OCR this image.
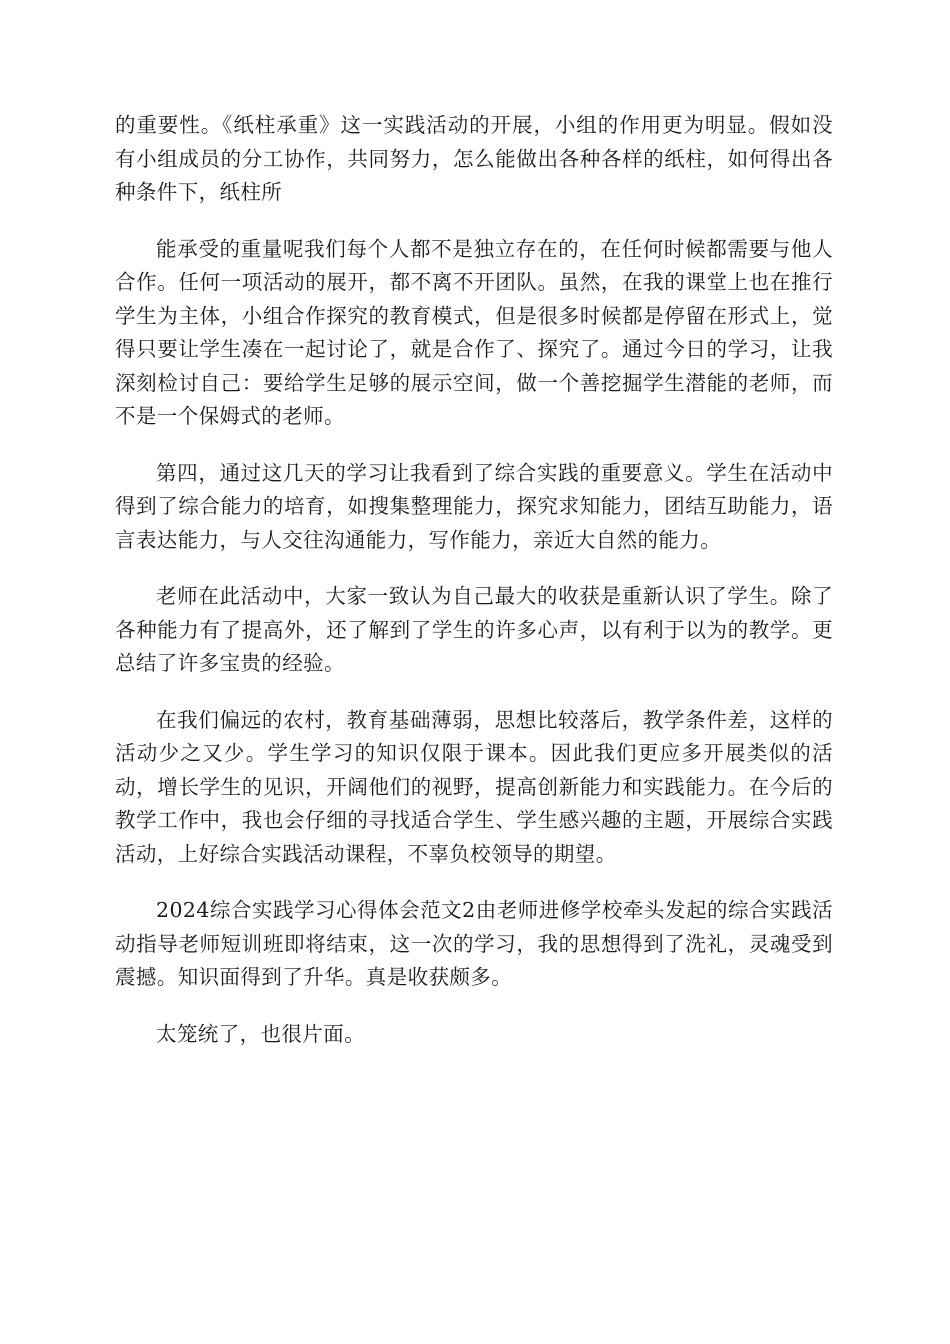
的重要性。《纸柱承重》这一实践活动的开展，小组的作用更为明显。假如没有小组成员的分工协作，共同努力，怎么能做出各种各样的纸柱，如何得出各种条件下，纸柱所

能承受的重量呢我们每个人都不是独立存在的，在任何时候都需要与他人合作。任何一项活动的展开，都不离不开团队。虽然，在我的课堂上也在推行学生为主体，小组合作探究的教育模式，但是很多时候都是停留在形式上，觉得只要让学生凑在一起讨论了，就是合作了、探究了。通过今日的学习，让我深刻检讨自己：要给学生足够的展示空间，做一个善挖掘学生潜能的老师，而不是一个保姆式的老师。

第四，通过这几天的学习让我看到了综合实践的重要意义。学生在活动中得到了综合能力的培育，如搜集整理能力，探究求知能力，团结互助能力，语言表达能力，与人交往沟通能力，写作能力，亲近大自然的能力。

老师在此活动中，大家一致认为自己最大的收获是重新认识了学生。除了各种能力有了提高外，还了解到了学生的许多心声，以有利于以为的教学。更总结了许多宝贵的经验。

在我们偏远的农村，教育基础薄弱，思想比较落后，教学条件差，这样的活动少之又少。学生学习的知识仅限于课本。因此我们更应多开展类似的活动，增长学生的见识，开阔他们的视野，提高创新能力和实践能力。在今后的教学工作中，我也会仔细的寻找适合学生、学生感兴趣的主题，开展综合实践活动，上好综合实践活动课程，不辜负校领导的期望。

2024综合实践学习心得体会范文2由老师进修学校牵头发起的综合实践活动指导老师短训班即将结束，这一次的学习，我的思想得到了洗礼，灵魂受到震撼。知识面得到了升华。真是收获颇多。

太笼统了，也很片面。
